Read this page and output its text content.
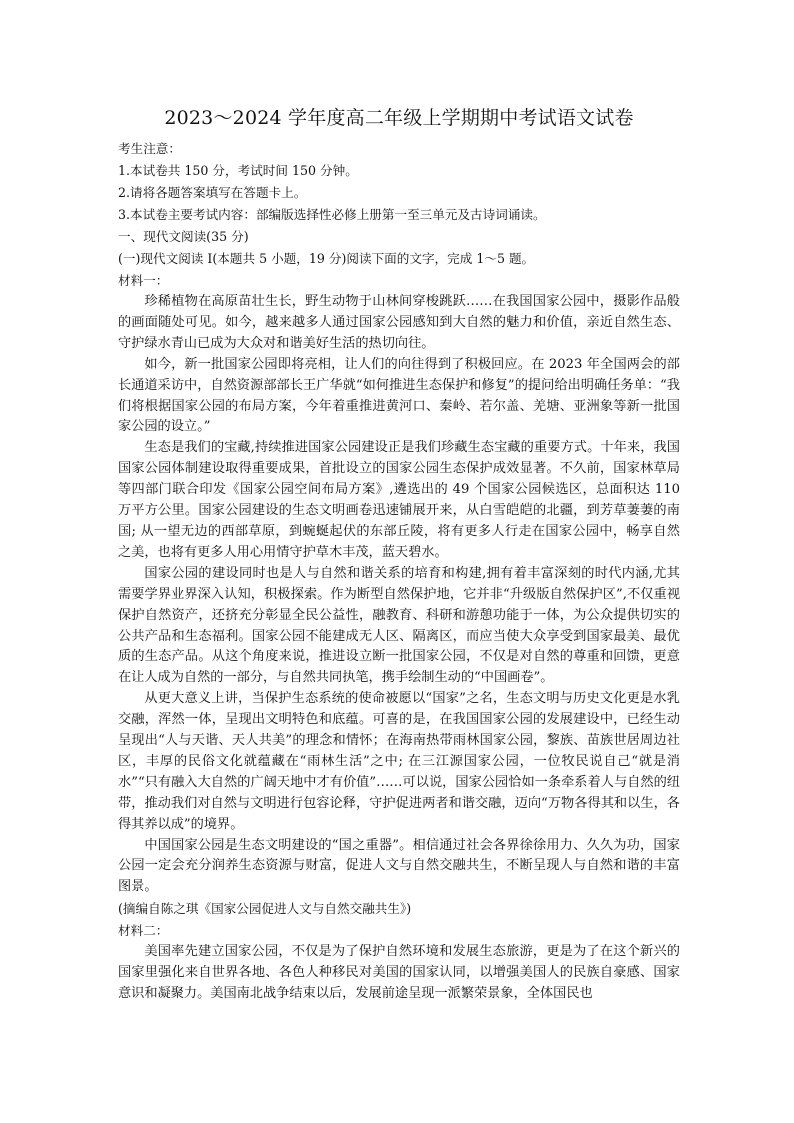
2023～2024 学年度高二年级上学期期中考试语文试卷

考生注意：

1.本试卷共 150 分，考试时间 150 分钟。

2.请将各题答案填写在答题卡上。

3.本试卷主要考试内容：部编版选择性必修上册第一至三单元及古诗词诵读。

一、现代文阅读(35 分)

(一)现代文阅读 I(本题共 5 小题，19 分)阅读下面的文字，完成 1～5 题。

材料一：

珍稀植物在高原苗壮生长，野生动物于山林间穿梭跳跃……在我国国家公园中，摄影作品般的画面随处可见。如今，越来越多人通过国家公园感知到大自然的魅力和价值，亲近自然生态、守护绿水青山已成为大众对和谐美好生活的热切向往。

如今，新一批国家公园即将亮相，让人们的向往得到了积极回应。在 2023 年全国两会的部长通道采访中，自然资源部部长王广华就“如何推进生态保护和修复”的提问给出明确任务单：“我们将根据国家公园的布局方案，今年着重推进黄河口、秦岭、若尔盖、羌塘、亚洲象等新一批国家公园的设立。”

生态是我们的宝藏,持续推进国家公园建设正是我们珍藏生态宝藏的重要方式。十年来，我国国家公园体制建设取得重要成果，首批设立的国家公园生态保护成效显著。不久前，国家林草局等四部门联合印发《国家公园空间布局方案》,遴选出的 49 个国家公园候选区，总面积达 110 万平方公里。国家公园建设的生态文明画卷迅速铺展开来，从白雪皑皑的北疆，到芳草萋萋的南国; 从一望无边的西部草原，到蜿蜒起伏的东部丘陵，将有更多人行走在国家公园中，畅享自然之美，也将有更多人用心用情守护草木丰茂，蓝天碧水。

国家公园的建设同时也是人与自然和谐关系的培育和构建,拥有着丰富深刻的时代内涵,尤其需要学界业界深入认知，积极探索。作为断型自然保护地，它并非“升级版自然保护区”,不仅重视保护自然资产，还挤充分彰显全民公益性，融教育、科研和游憩功能于一体，为公众提供切实的公共产品和生态福利。国家公园不能建成无人区、隔离区，而应当使大众享受到国家最美、最优质的生态产品。从这个角度来说，推进设立断一批国家公园，不仅是对自然的尊重和回馈，更意在让人成为自然的一部分，与自然共同执笔，携手绘制生动的“中国画卷”。

从更大意义上讲，当保护生态系统的使命被愿以“国家”之名，生态文明与历史文化更是水乳交融，浑然一体，呈现出文明特色和底蕴。可喜的是，在我国国家公园的发展建设中，已经生动呈现出“人与天谐、天人共美”的理念和情怀；在海南热带雨林国家公园，黎族、苗族世居周边社区，丰厚的民俗文化就蕴藏在“雨林生活”之中; 在三江源国家公园，一位牧民说自己“就是消水”“只有融入大自然的广阔天地中才有价值”……可以说，国家公园恰如一条牵系着人与自然的纽带，推动我们对自然与文明进行包容论释，守护促进两者和谐交融，迈向“万物各得其和以生，各得其养以成”的境界。

中国国家公园是生态文明建设的“国之重器”。相信通过社会各界徐徐用力、久久为功，国家公园一定会充分润养生态资源与财富，促进人文与自然交融共生，不断呈现人与自然和谐的丰富图景。

(摘编自陈之琪《国家公园促进人文与自然交融共生》)

材料二：

美国率先建立国家公园，不仅是为了保护自然环境和发展生态旅游，更是为了在这个新兴的国家里强化来自世界各地、各色人种移民对美国的国家认同，以增强美国人的民族自豪感、国家意识和凝聚力。美国南北战争结束以后，发展前途呈现一派繁荣景象，全体国民也
